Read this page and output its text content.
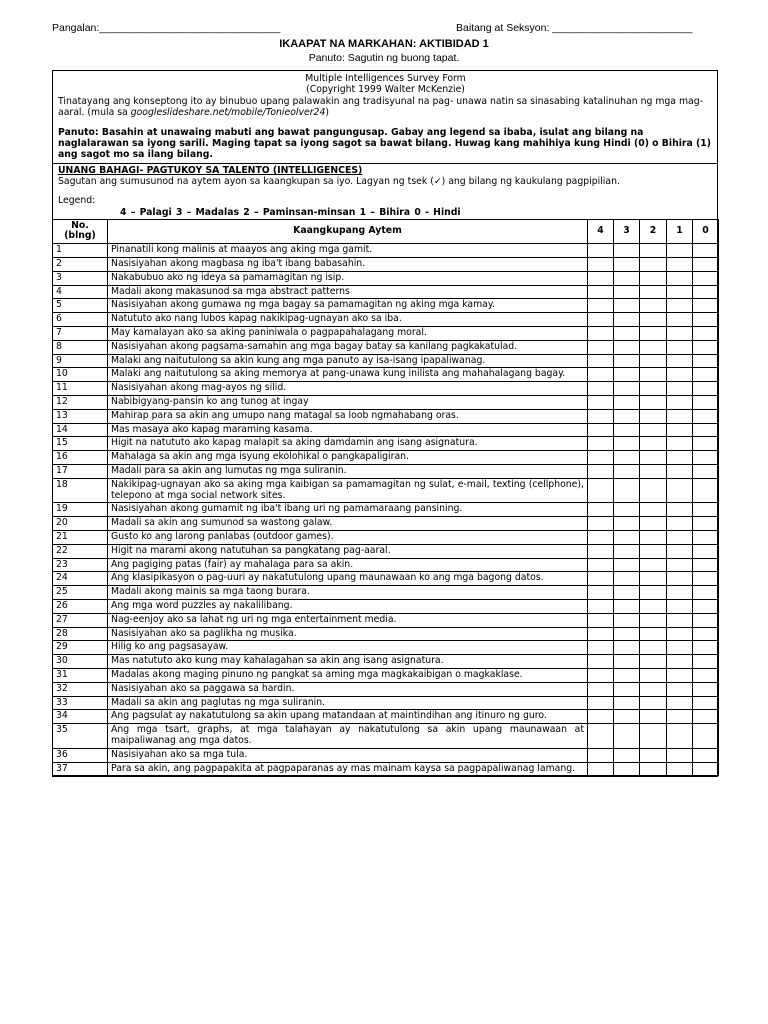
Pangalan:_______________________________	Baitang at Seksyon: ________________________
IKAAPAT NA MARKAHAN: AKTIBIDAD 1
Panuto: Sagutin ng buong tapat.
Multiple Intelligences Survey Form
(Copyright 1999 Walter McKenzie)
Tinatayang ang konseptong ito ay binubuo upang palawakin ang tradisyunal na pag- unawa natin sa sinasabing katalinuhan ng mga mag-aaral. (mula sa googleslideshare.net/mobile/Tonieolver24)
Panuto: Basahin at unawaing mabuti ang bawat pangungusap. Gabay ang legend sa ibaba, isulat ang bilang na naglalarawan sa iyong sarili. Maging tapat sa iyong sagot sa bawat bilang. Huwag kang mahihiya kung Hindi (0) o Bihira (1) ang sagot mo sa ilang bilang.
UNANG BAHAGI- PAGTUKOY SA TALENTO (INTELLIGENCES)
Sagutan ang sumusunod na aytem ayon sa kaangkupan sa iyo. Lagyan ng tsek (✓) ang bilang ng kaukulang pagpipilian.
Legend:
4 – Palagi 3 – Madalas 2 – Paminsan-minsan 1 – Bihira 0 - Hindi
No. (blng)	Kaangkupang Aytem	4	3	2	1	0
1	Pinanatili kong malinis at maayos ang aking mga gamit.					
2	Nasisiyahan akong magbasa ng iba't ibang babasahin.					
3	Nakabubuo ako ng ideya sa pamamagitan ng isip.					
4	Madali akong makasunod sa mga abstract patterns					
5	Nasisiyahan akong gumawa ng mga bagay sa pamamagitan ng aking mga kamay.					
6	Natututo ako nang lubos kapag nakikipag-ugnayan ako sa iba.					
7	May kamalayan ako sa aking paniniwala o pagpapahalagang moral.					
8	Nasisiyahan akong pagsama-samahin ang mga bagay batay sa kanilang pagkakatulad.					
9	Malaki ang naitutulong sa akin kung ang mga panuto ay isa-isang ipapaliwanag.					
10	Malaki ang naitutulong sa aking memorya at pang-unawa kung inilista ang mahahalagang bagay.					
11	Nasisiyahan akong mag-ayos ng silid.					
12	Nabibigyang-pansin ko ang tunog at ingay					
13	Mahirap para sa akin ang umupo nang matagal sa loob ngmahabang oras.					
14	Mas masaya ako kapag maraming kasama.					
15	Higit na natututo ako kapag malapit sa aking damdamin ang isang asignatura.					
16	Mahalaga sa akin ang mga isyung ekolohikal o pangkapaligiran.					
17	Madali para sa akin ang lumutas ng mga suliranin.					
18	Nakikipag-ugnayan ako sa aking mga kaibigan sa pamamagitan ng sulat, e-mail, texting (cellphone), telepono at mga social network sites.					
19	Nasisiyahan akong gumamit ng iba't ibang uri ng pamamaraang pansining.					
20	Madali sa akin ang sumunod sa wastong galaw.					
21	Gusto ko ang larong panlabas (outdoor games).					
22	Higit na marami akong natutuhan sa pangkatang pag-aaral.					
23	Ang pagiging patas (fair) ay mahalaga para sa akin.					
24	Ang klasipikasyon o pag-uuri ay nakatutulong upang maunawaan ko ang mga bagong datos.					
25	Madali akong mainis sa mga taong burara.					
26	Ang mga word puzzles ay nakalilibang.					
27	Nag-eenjoy ako sa lahat ng uri ng mga entertainment media.					
28	Nasisiyahan ako sa paglikha ng musika.					
29	Hilig ko ang pagsasayaw.					
30	Mas natututo ako kung may kahalagahan sa akin ang isang asignatura.					
31	Madalas akong maging pinuno ng pangkat sa aming mga magkakaibigan o magkaklase.					
32	Nasisiyahan ako sa paggawa sa hardin.					
33	Madali sa akin ang paglutas ng mga suliranin.					
34	Ang pagsulat ay nakatutulong sa akin upang matandaan at maintindihan ang itinuro ng guro.					
35	Ang mga tsart, graphs, at mga talahayan ay nakatutulong sa akin upang maunawaan at maipaliwanag ang mga datos.					
36	Nasisiyahan ako sa mga tula.					
37	Para sa akin, ang pagpapakita at pagpaparanas ay mas mainam kaysa sa pagpapaliwanag lamang.					
